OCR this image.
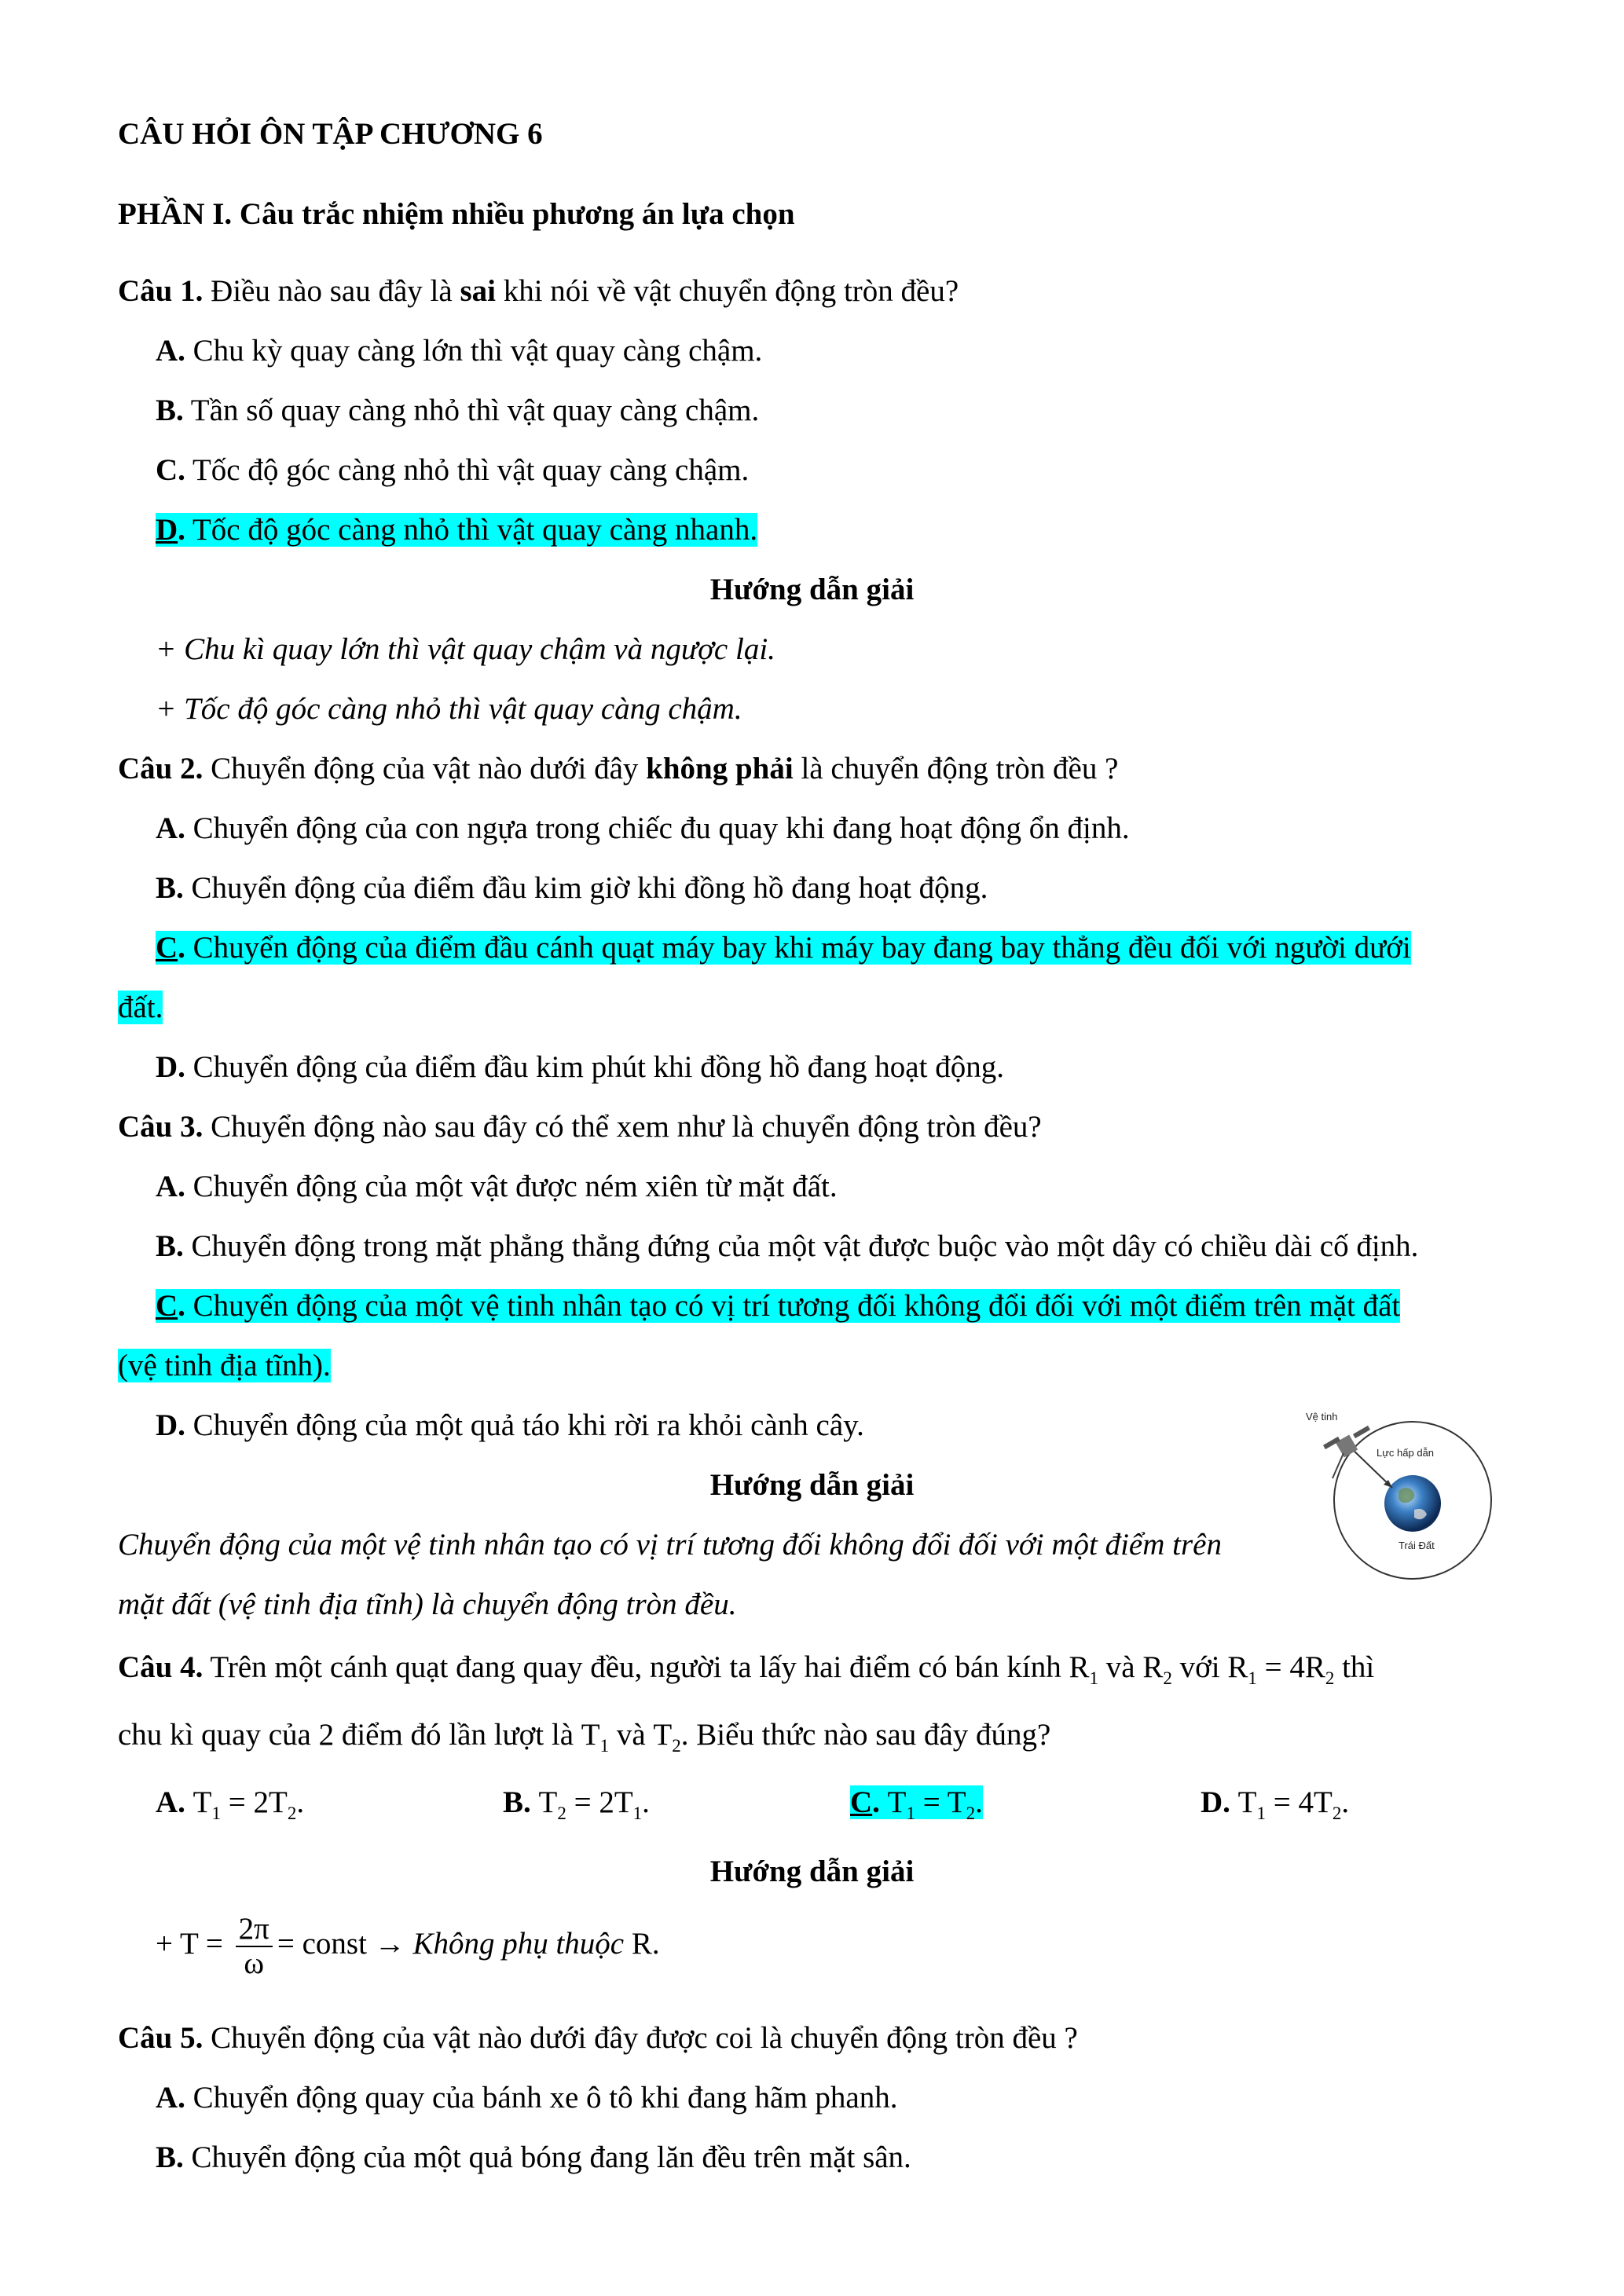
CÂU HỎI ÔN TẬP CHƯƠNG 6
PHẦN I. Câu trắc nhiệm nhiều phương án lựa chọn
Câu 1. Điều nào sau đây là sai khi nói về vật chuyển động tròn đều?
A. Chu kỳ quay càng lớn thì vật quay càng chậm.
B. Tần số quay càng nhỏ thì vật quay càng chậm.
C. Tốc độ góc càng nhỏ thì vật quay càng chậm.
D. Tốc độ góc càng nhỏ thì vật quay càng nhanh.
Hướng dẫn giải
+ Chu kì quay lớn thì vật quay chậm và ngược lại.
+ Tốc độ góc càng nhỏ thì vật quay càng chậm.
Câu 2. Chuyển động của vật nào dưới đây không phải là chuyển động tròn đều ?
A. Chuyển động của con ngựa trong chiếc đu quay khi đang hoạt động ổn định.
B. Chuyển động của điểm đầu kim giờ khi đồng hồ đang hoạt động.
C. Chuyển động của điểm đầu cánh quạt máy bay khi máy bay đang bay thẳng đều đối với người dưới
đất.
D. Chuyển động của điểm đầu kim phút khi đồng hồ đang hoạt động.
Câu 3. Chuyển động nào sau đây có thể xem như là chuyển động tròn đều?
A. Chuyển động của một vật được ném xiên từ mặt đất.
B. Chuyển động trong mặt phẳng thẳng đứng của một vật được buộc vào một dây có chiều dài cố định.
C. Chuyển động của một vệ tinh nhân tạo có vị trí tương đối không đổi đối với một điểm trên mặt đất
(vệ tinh địa tĩnh).
D. Chuyển động của một quả táo khi rời ra khỏi cành cây.
Hướng dẫn giải
Chuyển động của một vệ tinh nhân tạo có vị trí tương đối không đổi đối với một điểm trên
mặt đất (vệ tinh địa tĩnh) là chuyển động tròn đều.
Vệ tinh
Lực hấp dẫn
Trái Đất
Câu 4. Trên một cánh quạt đang quay đều, người ta lấy hai điểm có bán kính $R_1$ và $R_2$ với $R_1 = 4R_2$ thì
chu kì quay của 2 điểm đó lần lượt là $T_1$ và $T_2$. Biểu thức nào sau đây đúng?
A. $T_1 = 2T_2$.	B. $T_2 = 2T_1$.	C. $T_1 = T_2$.	D. $T_1 = 4T_2$.
Hướng dẫn giải
+ $T = \frac{2\pi}{\omega}$ = const → Không phụ thuộc R.
Câu 5. Chuyển động của vật nào dưới đây được coi là chuyển động tròn đều ?
A. Chuyển động quay của bánh xe ô tô khi đang hãm phanh.
B. Chuyển động của một quả bóng đang lăn đều trên mặt sân.
